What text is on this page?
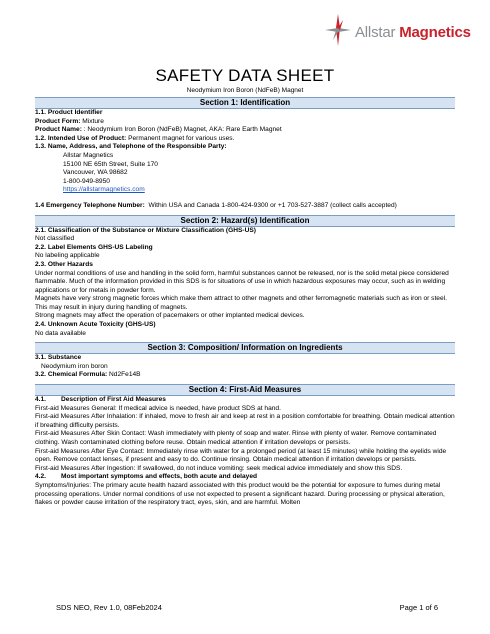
Allstar Magnetics
SAFETY DATA SHEET
Neodymium Iron Boron (NdFeB) Magnet
Section 1: Identification
1.1. Product Identifier
Product Form: Mixture
Product Name: : Neodymium Iron Boron (NdFeB) Magnet, AKA: Rare Earth Magnet
1.2. Intended Use of Product: Permanent magnet for various uses.
1.3. Name, Address, and Telephone of the Responsible Party:
Allstar Magnetics
15100 NE 65th Street, Suite 170
Vancouver, WA 98682
1-800-949-8950
https://allstarmagnetics.com
1.4 Emergency Telephone Number: Within USA and Canada 1-800-424-9300 or +1 703-527-3887 (collect calls accepted)
Section 2: Hazard(s) Identification
2.1. Classification of the Substance or Mixture Classification (GHS-US)
Not classified
2.2. Label Elements GHS-US Labeling
No labeling applicable
2.3. Other Hazards

Under normal conditions of use and handling in the solid form, harmful substances cannot be released, nor is the solid metal piece considered flammable. Much of the information provided in this SDS is for situations of use in which hazardous exposures may occur, such as in welding applications or for metals in powder form.

Magnets have very strong magnetic forces which make them attract to other magnets and other ferromagnetic materials such as iron or steel. This may result in injury during handling of magnets.

Strong magnets may affect the operation of pacemakers or other implanted medical devices.

2.4. Unknown Acute Toxicity (GHS-US)
No data available
Section 3: Composition/ Information on Ingredients
3.1. Substance
Neodymium iron boron
3.2. Chemical Formula: Nd2Fe14B
Section 4: First-Aid Measures
4.1. Description of First Aid Measures

First-aid Measures General: If medical advice is needed, have product SDS at hand.

First-aid Measures After Inhalation: If inhaled, move to fresh air and keep at rest in a position comfortable for breathing. Obtain medical attention if breathing difficulty persists.

First-aid Measures After Skin Contact: Wash immediately with plenty of soap and water. Rinse with plenty of water. Remove contaminated clothing. Wash contaminated clothing before reuse. Obtain medical attention if irritation develops or persists.

First-aid Measures After Eye Contact: Immediately rinse with water for a prolonged period (at least 15 minutes) while holding the eyelids wide open. Remove contact lenses, if present and easy to do. Continue rinsing. Obtain medical attention if irritation develops or persists.

First-aid Measures After Ingestion: If swallowed, do not induce vomiting: seek medical advice immediately and show this SDS.

4.2. Most important symptoms and effects, both acute and delayed

Symptoms/Injuries: The primary acute health hazard associated with this product would be the potential for exposure to fumes during metal processing operations. Under normal conditions of use not expected to present a significant hazard. During processing or physical alteration, flakes or powder cause irritation of the respiratory tract, eyes, skin, and are harmful. Molten

SDS NEO, Rev 1.0, 08Feb2024	Page 1 of 6
